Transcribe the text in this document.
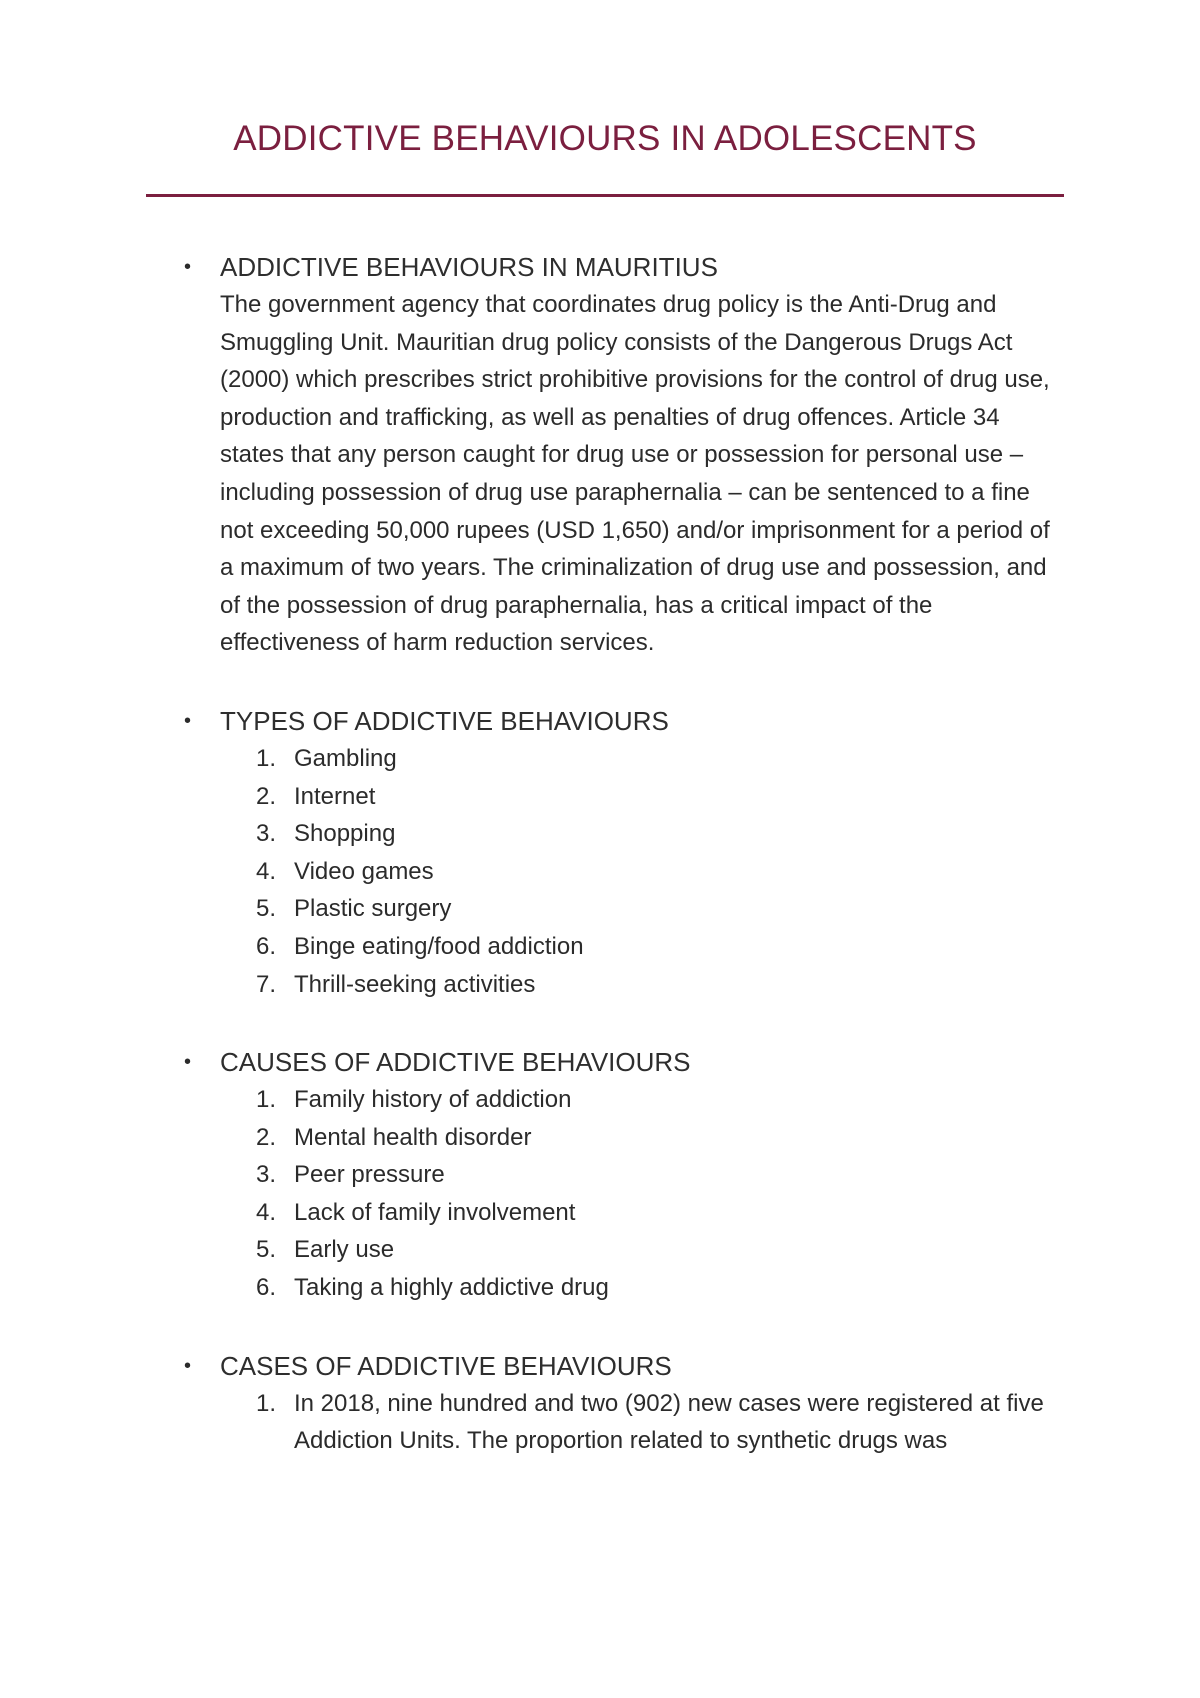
ADDICTIVE BEHAVIOURS IN ADOLESCENTS
• ADDICTIVE BEHAVIOURS IN MAURITIUS

The government agency that coordinates drug policy is the Anti-Drug and Smuggling Unit. Mauritian drug policy consists of the Dangerous Drugs Act (2000) which prescribes strict prohibitive provisions for the control of drug use, production and trafficking, as well as penalties of drug offences. Article 34 states that any person caught for drug use or possession for personal use – including possession of drug use paraphernalia – can be sentenced to a fine not exceeding 50,000 rupees (USD 1,650) and/or imprisonment for a period of a maximum of two years. The criminalization of drug use and possession, and of the possession of drug paraphernalia, has a critical impact of the effectiveness of harm reduction services.

• TYPES OF ADDICTIVE BEHAVIOURS
1. Gambling
2. Internet
3. Shopping
4. Video games
5. Plastic surgery
6. Binge eating/food addiction
7. Thrill-seeking activities
• CAUSES OF ADDICTIVE BEHAVIOURS
1. Family history of addiction
2. Mental health disorder
3. Peer pressure
4. Lack of family involvement
5. Early use
6. Taking a highly addictive drug
• CASES OF ADDICTIVE BEHAVIOURS
1. In 2018, nine hundred and two (902) new cases were registered at five Addiction Units. The proportion related to synthetic drugs was
